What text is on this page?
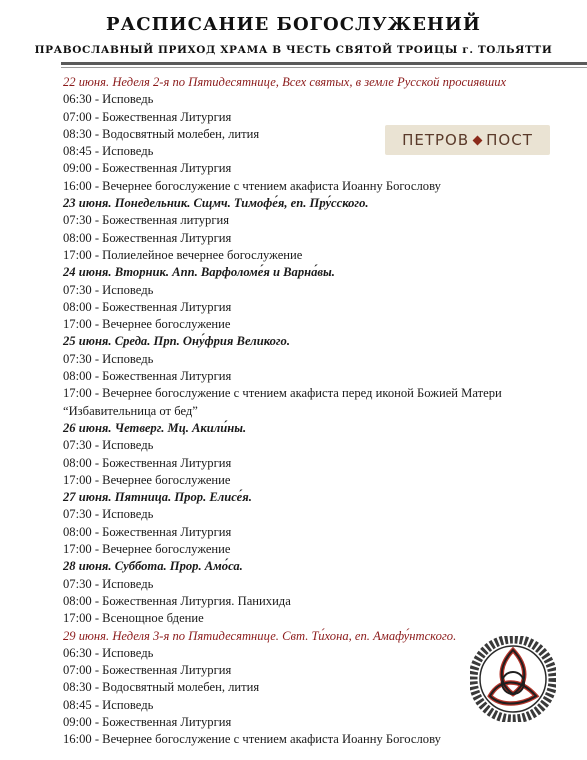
РАСПИСАНИЕ БОГОСЛУЖЕНИЙ
ПРАВОСЛАВНЫЙ ПРИХОД ХРАМА В ЧЕСТЬ СВЯТОЙ ТРОИЦЫ г. ТОЛЬЯТТИ
22 июня. Неделя 2-я по Пятидесятнице, Всех святых, в земле Русской просиявших
06:30 - Исповедь
07:00 - Божественная Литургия
08:30 - Водосвятный молебен, лития
08:45 - Исповедь
09:00 - Божественная Литургия
16:00 - Вечернее богослужение с чтением акафиста Иоанну Богослову
23 июня. Понедельник. Сщмч. Тимофе́я, еп. Пру́сского.
07:30 - Божественная литургия
08:00 - Божественная Литургия
17:00 - Полиелейное вечернее богослужение
24 июня. Вторник. Апп. Варфоломе́я и Варна́вы.
07:30 - Исповедь
08:00 - Божественная Литургия
17:00 - Вечернее богослужение
25 июня. Среда. Прп. Ону́фрия Великого.
07:30 - Исповедь
08:00 - Божественная Литургия
17:00 - Вечернее богослужение с чтением акафиста перед иконой Божией Матери
“Избавительница от бед”
26 июня. Четверг. Мц. Акили́ны.
07:30 - Исповедь
08:00 - Божественная Литургия
17:00 - Вечернее богослужение
27 июня. Пятница. Прор. Елисе́я.
07:30 - Исповедь
08:00 - Божественная Литургия
17:00 - Вечернее богослужение
28 июня. Суббота. Прор. Амо́са.
07:30 - Исповедь
08:00 - Божественная Литургия. Панихида
17:00 - Всенощное бдение
29 июня. Неделя 3-я по Пятидесятнице. Свт. Ти́хона, еп. Амафу́нтского.
06:30 - Исповедь
07:00 - Божественная Литургия
08:30 - Водосвятный молебен, лития
08:45 - Исповедь
09:00 - Божественная Литургия
16:00 - Вечернее богослужение с чтением акафиста Иоанну Богослову
ПЕТРОВ ПОСТ
